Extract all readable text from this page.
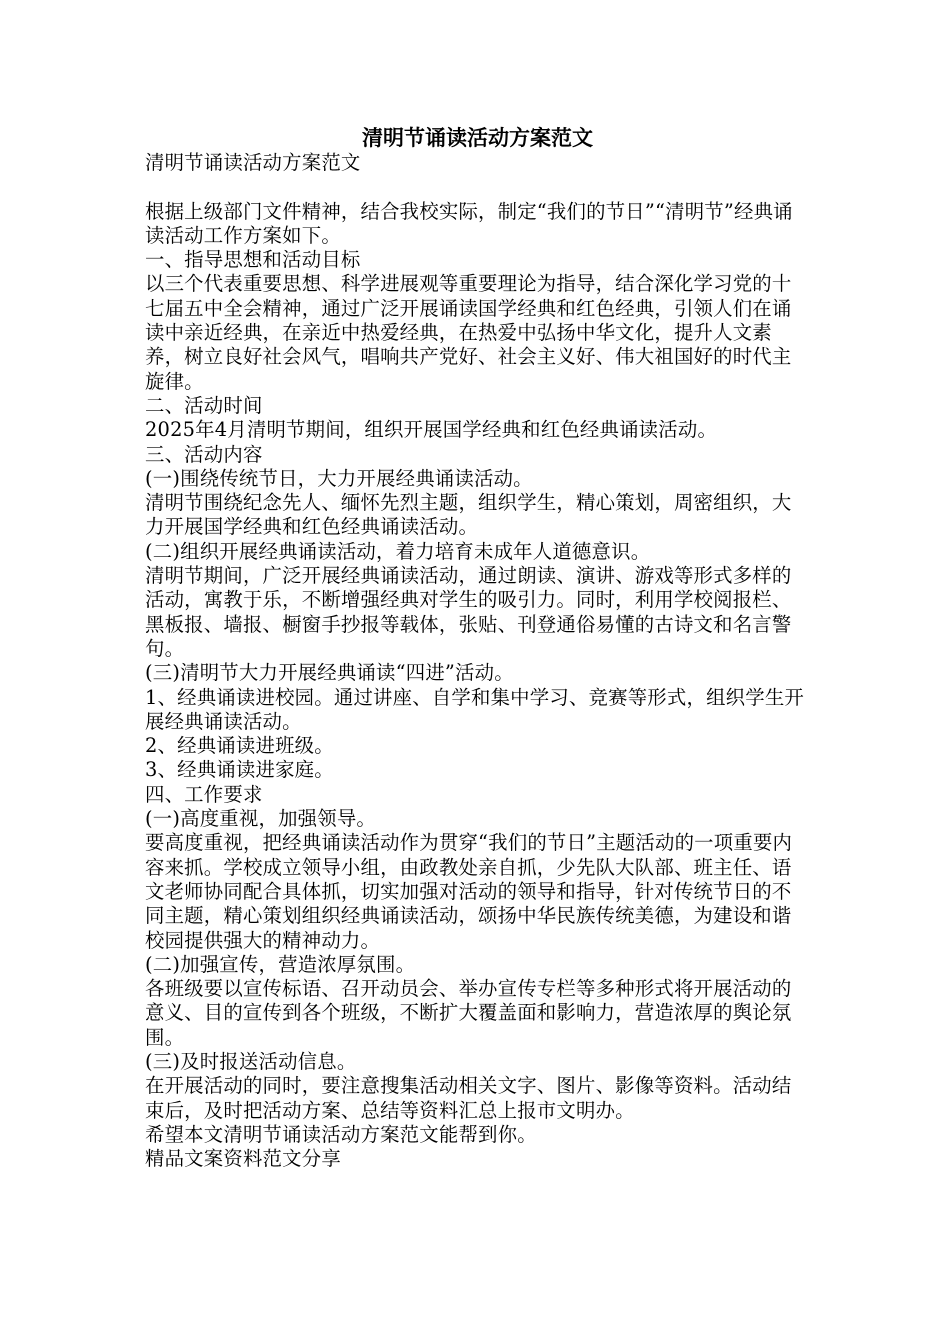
清明节诵读活动方案范文

清明节诵读活动方案范文

根据上级部门文件精神，结合我校实际，制定“我们的节日”“清明节”经典诵读活动工作方案如下。

一、指导思想和活动目标

以三个代表重要思想、科学进展观等重要理论为指导，结合深化学习党的十七届五中全会精神，通过广泛开展诵读国学经典和红色经典，引领人们在诵读中亲近经典，在亲近中热爱经典，在热爱中弘扬中华文化，提升人文素养，树立良好社会风气，唱响共产党好、社会主义好、伟大祖国好的时代主旋律。

二、活动时间

2025年4月清明节期间，组织开展国学经典和红色经典诵读活动。

三、活动内容

(一)围绕传统节日，大力开展经典诵读活动。

清明节围绕纪念先人、缅怀先烈主题，组织学生，精心策划，周密组织，大力开展国学经典和红色经典诵读活动。

(二)组织开展经典诵读活动，着力培育未成年人道德意识。

清明节期间，广泛开展经典诵读活动，通过朗读、演讲、游戏等形式多样的活动，寓教于乐，不断增强经典对学生的吸引力。同时，利用学校阅报栏、黑板报、墙报、橱窗手抄报等载体，张贴、刊登通俗易懂的古诗文和名言警句。

(三)清明节大力开展经典诵读“四进”活动。

1、经典诵读进校园。通过讲座、自学和集中学习、竞赛等形式，组织学生开展经典诵读活动。

2、经典诵读进班级。

3、经典诵读进家庭。

四、工作要求

(一)高度重视，加强领导。

要高度重视，把经典诵读活动作为贯穿“我们的节日”主题活动的一项重要内容来抓。学校成立领导小组，由政教处亲自抓，少先队大队部、班主任、语文老师协同配合具体抓，切实加强对活动的领导和指导，针对传统节日的不同主题，精心策划组织经典诵读活动，颂扬中华民族传统美德，为建设和谐校园提供强大的精神动力。

(二)加强宣传，营造浓厚氛围。

各班级要以宣传标语、召开动员会、举办宣传专栏等多种形式将开展活动的意义、目的宣传到各个班级，不断扩大覆盖面和影响力，营造浓厚的舆论氛围。

(三)及时报送活动信息。

在开展活动的同时，要注意搜集活动相关文字、图片、影像等资料。活动结束后，及时把活动方案、总结等资料汇总上报市文明办。

希望本文清明节诵读活动方案范文能帮到你。

精品文案资料范文分享
